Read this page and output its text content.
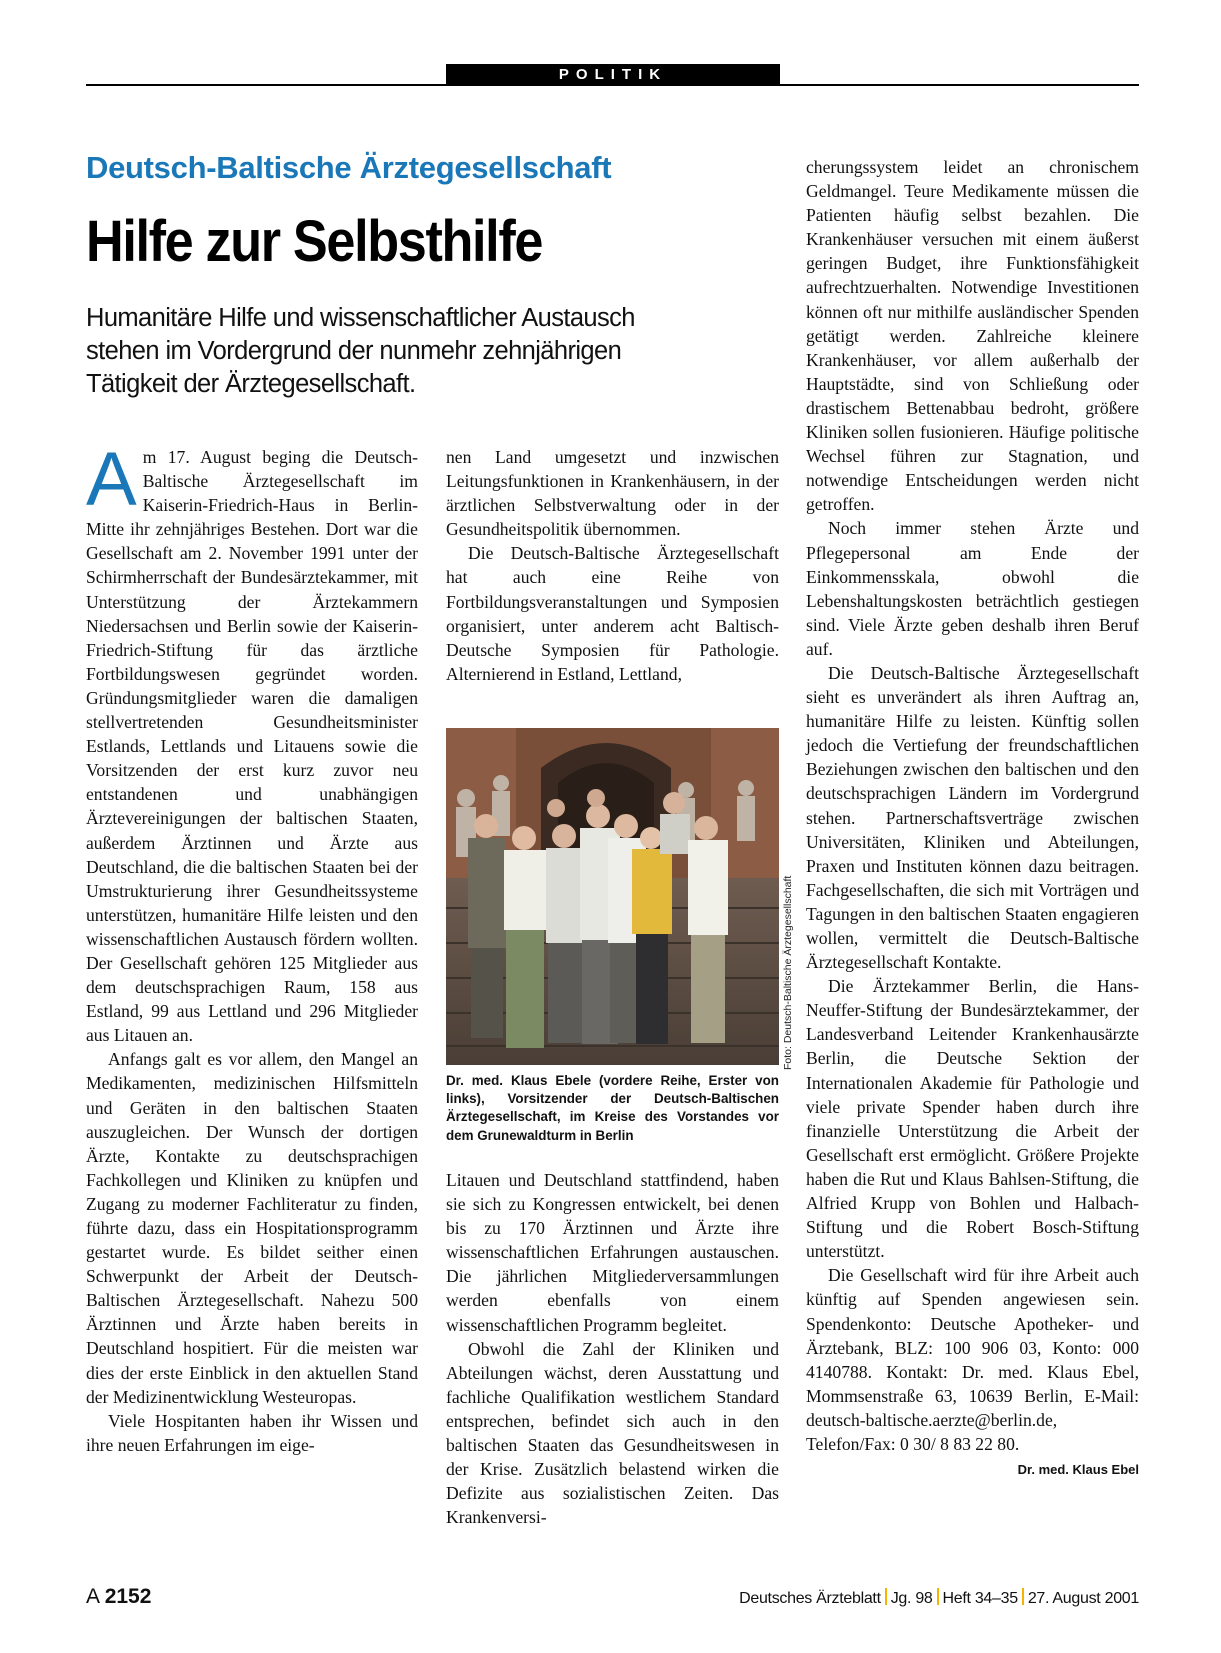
POLITIK
Deutsch-Baltische Ärztegesellschaft
Hilfe zur Selbsthilfe
Humanitäre Hilfe und wissenschaftlicher Austausch stehen im Vordergrund der nunmehr zehnjährigen Tätigkeit der Ärztegesellschaft.

A m 17. August beging die Deutsch-Baltische Ärztegesellschaft im Kaiserin-Friedrich-Haus in Berlin-Mitte ihr zehnjähriges Bestehen. Dort war die Gesellschaft am 2. November 1991 unter der Schirmherrschaft der Bundesärztekammer, mit Unterstützung der Ärztekammern Niedersachsen und Berlin sowie der Kaiserin-Friedrich-Stiftung für das ärztliche Fortbildungswesen gegründet worden. Gründungsmitglieder waren die damaligen stellvertretenden Gesundheitsminister Estlands, Lettlands und Litauens sowie die Vorsitzenden der erst kurz zuvor neu entstandenen und unabhängigen Ärztevereinigungen der baltischen Staaten, außerdem Ärztinnen und Ärzte aus Deutschland, die die baltischen Staaten bei der Umstrukturierung ihrer Gesundheitssysteme unterstützen, humanitäre Hilfe leisten und den wissenschaftlichen Austausch fördern wollten. Der Gesellschaft gehören 125 Mitglieder aus dem deutschsprachigen Raum, 158 aus Estland, 99 aus Lettland und 296 Mitglieder aus Litauen an.

Anfangs galt es vor allem, den Mangel an Medikamenten, medizinischen Hilfsmitteln und Geräten in den baltischen Staaten auszugleichen. Der Wunsch der dortigen Ärzte, Kontakte zu deutschsprachigen Fachkollegen und Kliniken zu knüpfen und Zugang zu moderner Fachliteratur zu finden, führte dazu, dass ein Hospitationsprogramm gestartet wurde. Es bildet seither einen Schwerpunkt der Arbeit der Deutsch-Baltischen Ärztegesellschaft. Nahezu 500 Ärztinnen und Ärzte haben bereits in Deutschland hospitiert. Für die meisten war dies der erste Einblick in den aktuellen Stand der Medizinentwicklung Westeuropas.

Viele Hospitanten haben ihr Wissen und ihre neuen Erfahrungen im eige-

nen Land umgesetzt und inzwischen Leitungsfunktionen in Krankenhäusern, in der ärztlichen Selbstverwaltung oder in der Gesundheitspolitik übernommen.

Die Deutsch-Baltische Ärztegesellschaft hat auch eine Reihe von Fortbildungsveranstaltungen und Symposien organisiert, unter anderem acht Baltisch-Deutsche Symposien für Pathologie. Alternierend in Estland, Lettland,

Foto: Deutsch-Baltische Ärztegesellschaft
Dr. med. Klaus Ebele (vordere Reihe, Erster von links), Vorsitzender der Deutsch-Baltischen Ärztegesellschaft, im Kreise des Vorstandes vor dem Grunewaldturm in Berlin

Litauen und Deutschland stattfindend, haben sie sich zu Kongressen entwickelt, bei denen bis zu 170 Ärztinnen und Ärzte ihre wissenschaftlichen Erfahrungen austauschen. Die jährlichen Mitgliederversammlungen werden ebenfalls von einem wissenschaftlichen Programm begleitet.

Obwohl die Zahl der Kliniken und Abteilungen wächst, deren Ausstattung und fachliche Qualifikation westlichem Standard entsprechen, befindet sich auch in den baltischen Staaten das Gesundheitswesen in der Krise. Zusätzlich belastend wirken die Defizite aus sozialistischen Zeiten. Das Krankenversi-

cherungssystem leidet an chronischem Geldmangel. Teure Medikamente müssen die Patienten häufig selbst bezahlen. Die Krankenhäuser versuchen mit einem äußerst geringen Budget, ihre Funktionsfähigkeit aufrechtzuerhalten. Notwendige Investitionen können oft nur mithilfe ausländischer Spenden getätigt werden. Zahlreiche kleinere Krankenhäuser, vor allem außerhalb der Hauptstädte, sind von Schließung oder drastischem Bettenabbau bedroht, größere Kliniken sollen fusionieren. Häufige politische Wechsel führen zur Stagnation, und notwendige Entscheidungen werden nicht getroffen.

Noch immer stehen Ärzte und Pflegepersonal am Ende der Einkommensskala, obwohl die Lebenshaltungskosten beträchtlich gestiegen sind. Viele Ärzte geben deshalb ihren Beruf auf.

Die Deutsch-Baltische Ärztegesellschaft sieht es unverändert als ihren Auftrag an, humanitäre Hilfe zu leisten. Künftig sollen jedoch die Vertiefung der freundschaftlichen Beziehungen zwischen den baltischen und den deutschsprachigen Ländern im Vordergrund stehen. Partnerschaftsverträge zwischen Universitäten, Kliniken und Abteilungen, Praxen und Instituten können dazu beitragen. Fachgesellschaften, die sich mit Vorträgen und Tagungen in den baltischen Staaten engagieren wollen, vermittelt die Deutsch-Baltische Ärztegesellschaft Kontakte.

Die Ärztekammer Berlin, die Hans-Neuffer-Stiftung der Bundesärztekammer, der Landesverband Leitender Krankenhausärzte Berlin, die Deutsche Sektion der Internationalen Akademie für Pathologie und viele private Spender haben durch ihre finanzielle Unterstützung die Arbeit der Gesellschaft erst ermöglicht. Größere Projekte haben die Rut und Klaus Bahlsen-Stiftung, die Alfried Krupp von Bohlen und Halbach-Stiftung und die Robert Bosch-Stiftung unterstützt.

Die Gesellschaft wird für ihre Arbeit auch künftig auf Spenden angewiesen sein. Spendenkonto: Deutsche Apotheker- und Ärztebank, BLZ: 100 906 03, Konto: 000 4140788. Kontakt: Dr. med. Klaus Ebel, Mommsenstraße 63, 10639 Berlin, E-Mail: deutsch-baltische.aerzte@berlin.de, Telefon/Fax: 0 30/ 8 83 22 80.
Dr. med. Klaus Ebel

A 2152	Deutsches Ärzteblatt Jg. 98 Heft 34–35 27. August 2001
